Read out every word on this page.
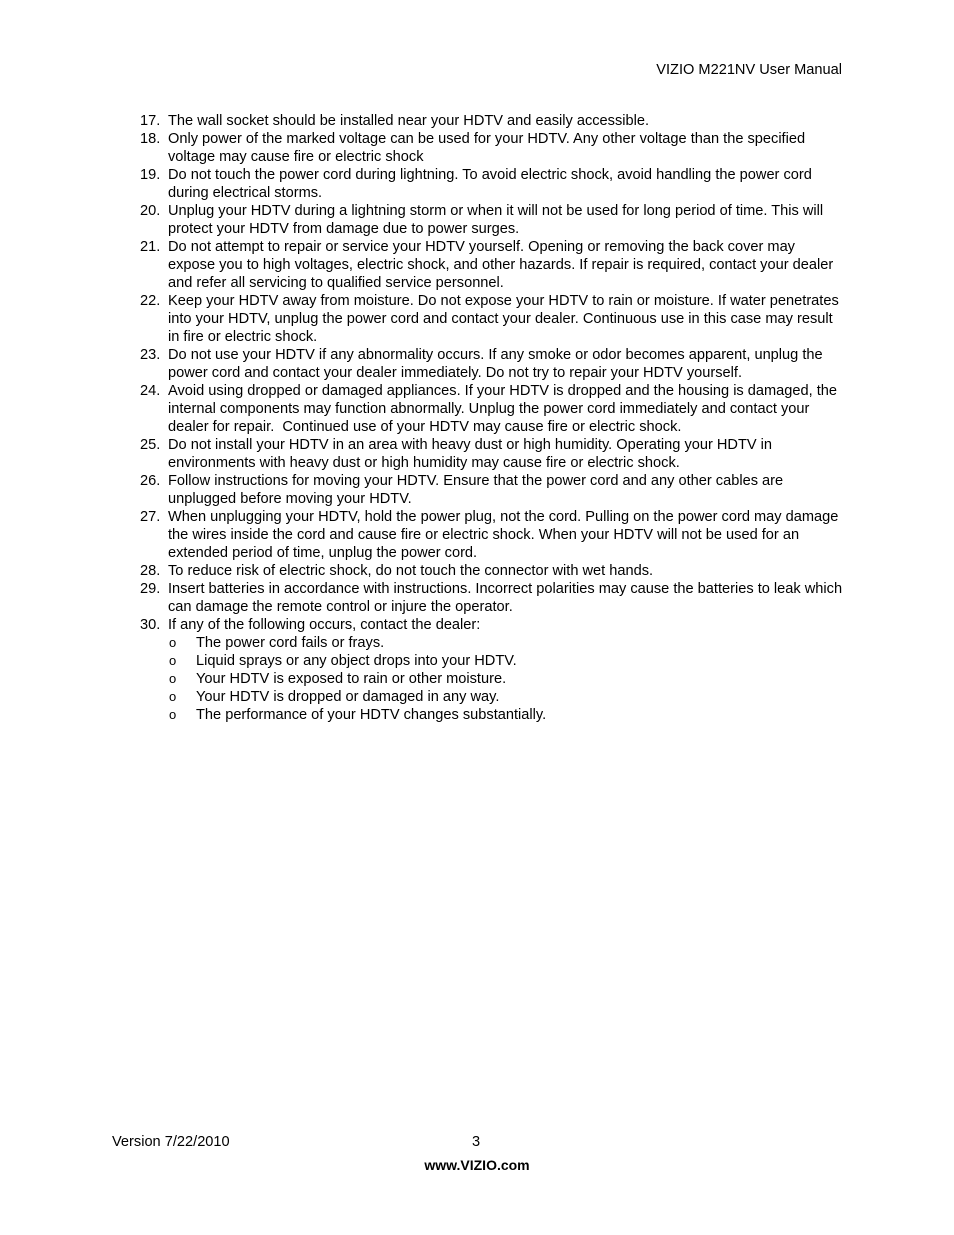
VIZIO M221NV User Manual
17. The wall socket should be installed near your HDTV and easily accessible.
18. Only power of the marked voltage can be used for your HDTV. Any other voltage than the specified voltage may cause fire or electric shock
19. Do not touch the power cord during lightning. To avoid electric shock, avoid handling the power cord during electrical storms.
20. Unplug your HDTV during a lightning storm or when it will not be used for long period of time. This will protect your HDTV from damage due to power surges.
21. Do not attempt to repair or service your HDTV yourself. Opening or removing the back cover may expose you to high voltages, electric shock, and other hazards. If repair is required, contact your dealer and refer all servicing to qualified service personnel.
22. Keep your HDTV away from moisture. Do not expose your HDTV to rain or moisture. If water penetrates into your HDTV, unplug the power cord and contact your dealer. Continuous use in this case may result in fire or electric shock.
23. Do not use your HDTV if any abnormality occurs. If any smoke or odor becomes apparent, unplug the power cord and contact your dealer immediately. Do not try to repair your HDTV yourself.
24. Avoid using dropped or damaged appliances. If your HDTV is dropped and the housing is damaged, the internal components may function abnormally. Unplug the power cord immediately and contact your dealer for repair.  Continued use of your HDTV may cause fire or electric shock.
25. Do not install your HDTV in an area with heavy dust or high humidity. Operating your HDTV in environments with heavy dust or high humidity may cause fire or electric shock.
26. Follow instructions for moving your HDTV. Ensure that the power cord and any other cables are unplugged before moving your HDTV.
27. When unplugging your HDTV, hold the power plug, not the cord. Pulling on the power cord may damage the wires inside the cord and cause fire or electric shock. When your HDTV will not be used for an extended period of time, unplug the power cord.
28. To reduce risk of electric shock, do not touch the connector with wet hands.
29. Insert batteries in accordance with instructions. Incorrect polarities may cause the batteries to leak which can damage the remote control or injure the operator.
30. If any of the following occurs, contact the dealer:
o	The power cord fails or frays.
o	Liquid sprays or any object drops into your HDTV.
o	Your HDTV is exposed to rain or other moisture.
o	Your HDTV is dropped or damaged in any way.
o	The performance of your HDTV changes substantially.
Version 7/22/2010	3
www.VIZIO.com
